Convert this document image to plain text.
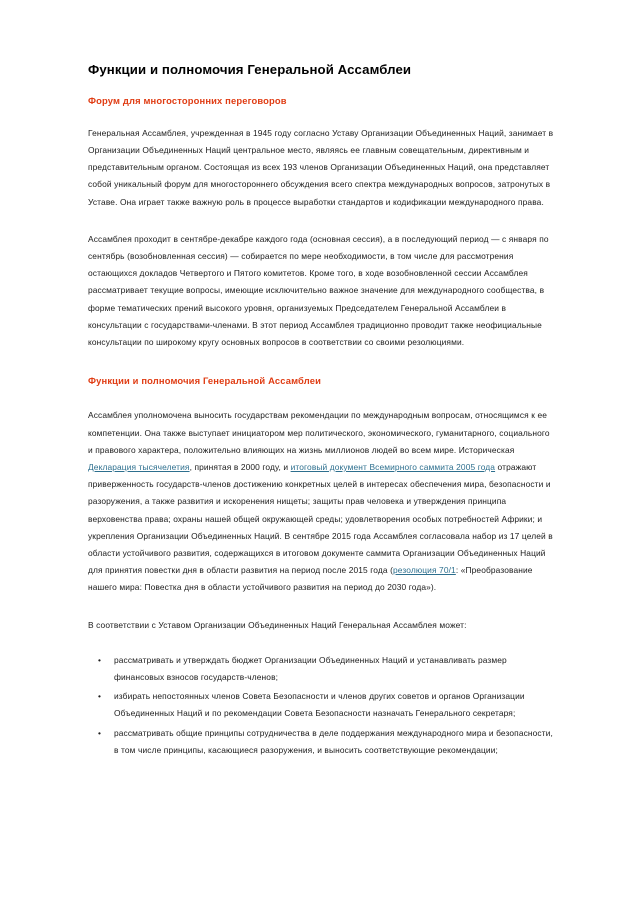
Функции и полномочия Генеральной Ассамблеи
Форум для многосторонних переговоров

Генеральная Ассамблея, учрежденная в 1945 году согласно Уставу Организации Объединенных Наций, занимает в Организации Объединенных Наций центральное место, являясь ее главным совещательным, директивным и представительным органом. Состоящая из всех 193 членов Организации Объединенных Наций, она представляет собой уникальный форум для многостороннего обсуждения всего спектра международных вопросов, затронутых в Уставе. Она играет также важную роль в процессе выработки стандартов и кодификации международного права.

Ассамблея проходит в сентябре-декабре каждого года (основная сессия), а в последующий период — с января по сентябрь (возобновленная сессия) — собирается по мере необходимости, в том числе для рассмотрения остающихся докладов Четвертого и Пятого комитетов. Кроме того, в ходе возобновленной сессии Ассамблея рассматривает текущие вопросы, имеющие исключительно важное значение для международного сообщества, в форме тематических прений высокого уровня, организуемых Председателем Генеральной Ассамблеи в консультации с государствами-членами. В этот период Ассамблея традиционно проводит также неофициальные консультации по широкому кругу основных вопросов в соответствии со своими резолюциями.

Функции и полномочия Генеральной Ассамблеи

Ассамблея уполномочена выносить государствам рекомендации по международным вопросам, относящимся к ее компетенции. Она также выступает инициатором мер политического, экономического, гуманитарного, социального и правового характера, положительно влияющих на жизнь миллионов людей во всем мире. Историческая Декларация тысячелетия, принятая в 2000 году, и итоговый документ Всемирного саммита 2005 года отражают приверженность государств-членов достижению конкретных целей в интересах обеспечения мира, безопасности и разоружения, а также развития и искоренения нищеты; защиты прав человека и утверждения принципа верховенства права; охраны нашей общей окружающей среды; удовлетворения особых потребностей Африки; и укрепления Организации Объединенных Наций. В сентябре 2015 года Ассамблея согласовала набор из 17 целей в области устойчивого развития, содержащихся в итоговом документе саммита Организации Объединенных Наций для принятия повестки дня в области развития на период после 2015 года (резолюция 70/1: «Преобразование нашего мира: Повестка дня в области устойчивого развития на период до 2030 года»).

В соответствии с Уставом Организации Объединенных Наций Генеральная Ассамблея может:

• рассматривать и утверждать бюджет Организации Объединенных Наций и устанавливать размер финансовых взносов государств-членов;
• избирать непостоянных членов Совета Безопасности и членов других советов и органов Организации Объединенных Наций и по рекомендации Совета Безопасности назначать Генерального секретаря;
• рассматривать общие принципы сотрудничества в деле поддержания международного мира и безопасности, в том числе принципы, касающиеся разоружения, и выносить соответствующие рекомендации;
